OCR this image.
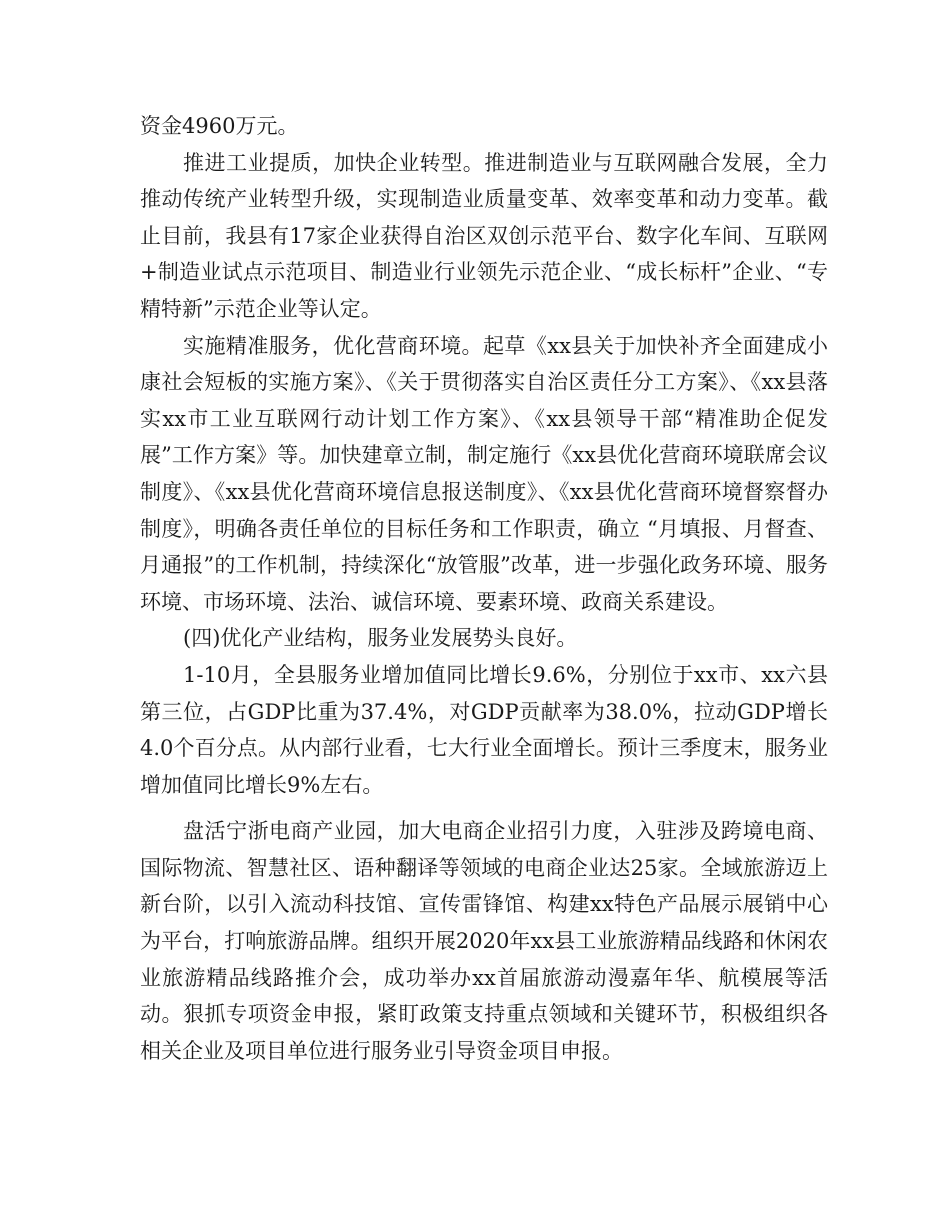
资金4960万元。

推进工业提质，加快企业转型。推进制造业与互联网融合发展，全力推动传统产业转型升级，实现制造业质量变革、效率变革和动力变革。截止目前，我县有17家企业获得自治区双创示范平台、数字化车间、互联网+制造业试点示范项目、制造业行业领先示范企业、“成长标杆”企业、“专精特新”示范企业等认定。

实施精准服务，优化营商环境。起草《xx县关于加快补齐全面建成小康社会短板的实施方案》、《关于贯彻落实自治区责任分工方案》、《xx县落实xx市工业互联网行动计划工作方案》、《xx县领导干部“精准助企促发展”工作方案》等。加快建章立制，制定施行《xx县优化营商环境联席会议制度》、《xx县优化营商环境信息报送制度》、《xx县优化营商环境督察督办制度》，明确各责任单位的目标任务和工作职责，确立 “月填报、月督查、月通报”的工作机制，持续深化“放管服”改革，进一步强化政务环境、服务环境、市场环境、法治、诚信环境、要素环境、政商关系建设。

(四)优化产业结构，服务业发展势头良好。

1-10月，全县服务业增加值同比增长9.6%，分别位于xx市、xx六县第三位，占GDP比重为37.4%，对GDP贡献率为38.0%，拉动GDP增长4.0个百分点。从内部行业看，七大行业全面增长。预计三季度末，服务业增加值同比增长9%左右。

盘活宁浙电商产业园，加大电商企业招引力度，入驻涉及跨境电商、国际物流、智慧社区、语种翻译等领域的电商企业达25家。全域旅游迈上新台阶，以引入流动科技馆、宣传雷锋馆、构建xx特色产品展示展销中心为平台，打响旅游品牌。组织开展2020年xx县工业旅游精品线路和休闲农业旅游精品线路推介会，成功举办xx首届旅游动漫嘉年华、航模展等活动。狠抓专项资金申报，紧盯政策支持重点领域和关键环节，积极组织各相关企业及项目单位进行服务业引导资金项目申报。
